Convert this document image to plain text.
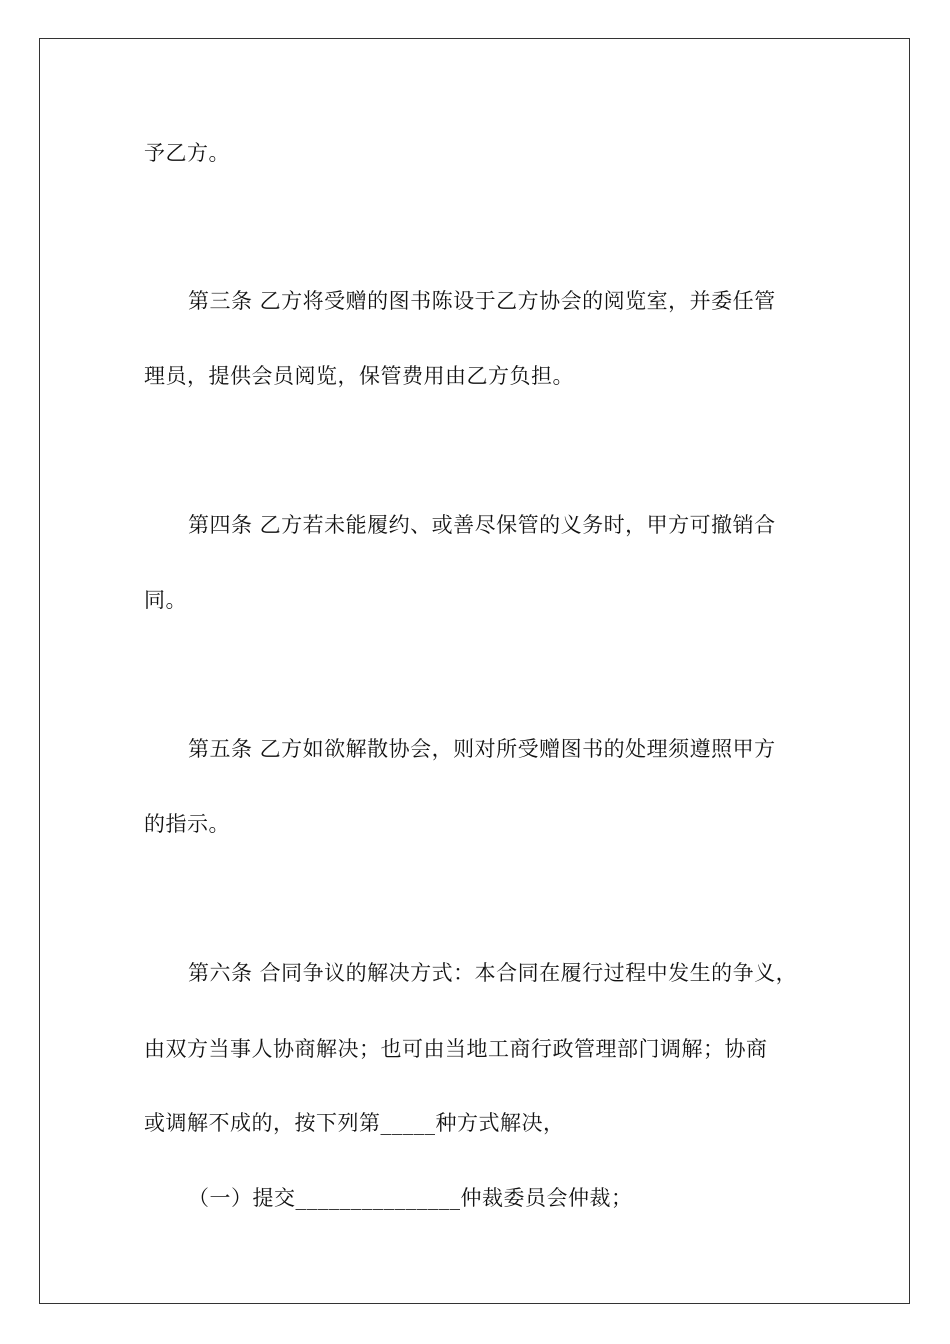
予乙方。
第三条 乙方将受赠的图书陈设于乙方协会的阅览室，并委任管
理员，提供会员阅览，保管费用由乙方负担。
第四条 乙方若未能履约、或善尽保管的义务时，甲方可撤销合
同。
第五条 乙方如欲解散协会，则对所受赠图书的处理须遵照甲方
的指示。
第六条 合同争议的解决方式：本合同在履行过程中发生的争义，
由双方当事人协商解决；也可由当地工商行政管理部门调解；协商
或调解不成的，按下列第_____种方式解决，
（一）提交_______________仲裁委员会仲裁；
